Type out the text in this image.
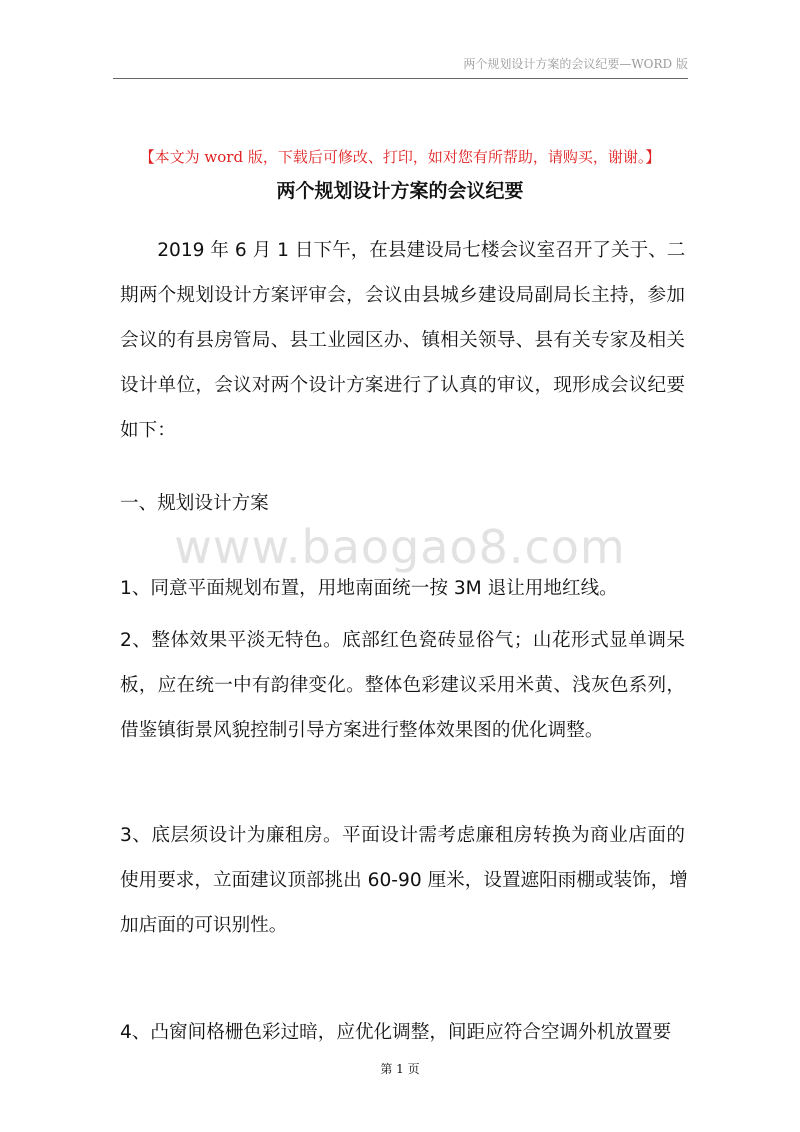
两个规划设计方案的会议纪要—WORD 版
【本文为 word 版，下载后可修改、打印，如对您有所帮助，请购买，谢谢。】
两个规划设计方案的会议纪要
www.baogao8.com
　　2019 年 6 月 1 日下午，在县建设局七楼会议室召开了关于、二
期两个规划设计方案评审会，会议由县城乡建设局副局长主持，参加
会议的有县房管局、县工业园区办、镇相关领导、县有关专家及相关
设计单位，会议对两个设计方案进行了认真的审议，现形成会议纪要
如下：
一、规划设计方案
1、同意平面规划布置，用地南面统一按 3M 退让用地红线。
2、整体效果平淡无特色。底部红色瓷砖显俗气；山花形式显单调呆
板，应在统一中有韵律变化。整体色彩建议采用米黄、浅灰色系列，
借鉴镇街景风貌控制引导方案进行整体效果图的优化调整。
3、底层须设计为廉租房。平面设计需考虑廉租房转换为商业店面的
使用要求，立面建议顶部挑出 60-90 厘米，设置遮阳雨棚或装饰，增
加店面的可识别性。
4、凸窗间格栅色彩过暗，应优化调整，间距应符合空调外机放置要
第 1 页
